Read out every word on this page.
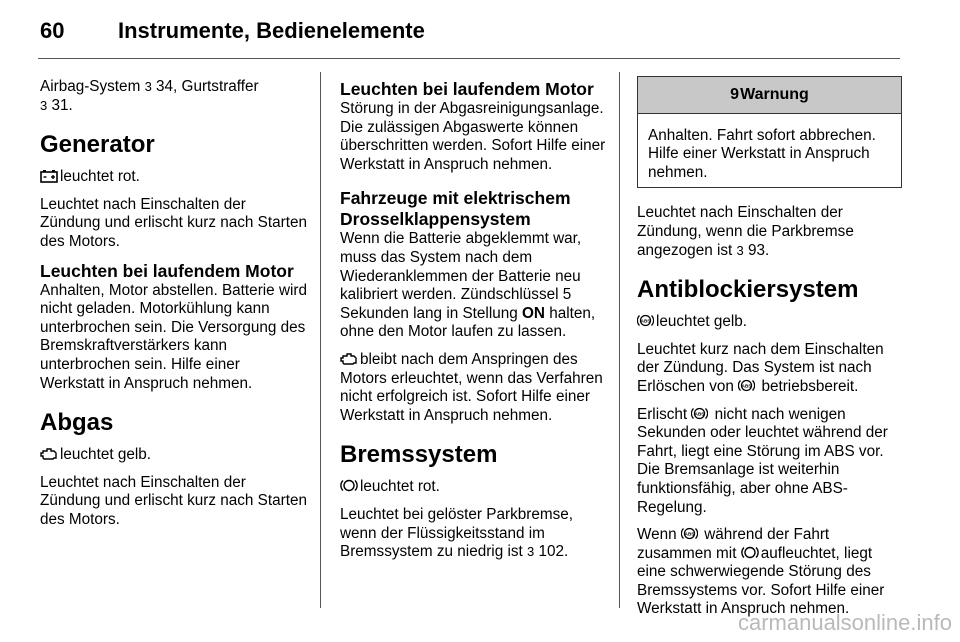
60	Instrumente, Bedienelemente

Airbag-System 3 34, Gurtstraffer
3 31.

Generator

leuchtet rot.

Leuchtet nach Einschalten der Zündung und erlischt kurz nach Starten des Motors.

Leuchten bei laufendem Motor

Anhalten, Motor abstellen. Batterie wird nicht geladen. Motorkühlung kann unterbrochen sein. Die Versorgung des Bremskraftverstärkers kann unterbrochen sein. Hilfe einer Werkstatt in Anspruch nehmen.

Abgas

leuchtet gelb.

Leuchtet nach Einschalten der Zündung und erlischt kurz nach Starten des Motors.

Leuchten bei laufendem Motor

Störung in der Abgasreinigungsanlage. Die zulässigen Abgaswerte können überschritten werden. Sofort Hilfe einer Werkstatt in Anspruch nehmen.

Fahrzeuge mit elektrischem Drosselklappensystem

Wenn die Batterie abgeklemmt war, muss das System nach dem Wiederanklemmen der Batterie neu kalibriert werden. Zündschlüssel 5 Sekunden lang in Stellung ON halten, ohne den Motor laufen zu lassen.

bleibt nach dem Anspringen des Motors erleuchtet, wenn das Verfahren nicht erfolgreich ist. Sofort Hilfe einer Werkstatt in Anspruch nehmen.

Bremssystem

leuchtet rot.

Leuchtet bei gelöster Parkbremse, wenn der Flüssigkeitsstand im Bremssystem zu niedrig ist 3 102.

9Warnung
Anhalten. Fahrt sofort abbrechen. Hilfe einer Werkstatt in Anspruch nehmen.

Leuchtet nach Einschalten der Zündung, wenn die Parkbremse angezogen ist 3 93.

Antiblockiersystem

ABS leuchtet gelb.

Leuchtet kurz nach dem Einschalten der Zündung. Das System ist nach Erlöschen von ABS betriebsbereit.

Erlischt ABS nicht nach wenigen Sekunden oder leuchtet während der Fahrt, liegt eine Störung im ABS vor. Die Bremsanlage ist weiterhin funktionsfähig, aber ohne ABS-Regelung.

Wenn ABS während der Fahrt zusammen mit aufleuchtet, liegt eine schwerwiegende Störung des Bremssystems vor. Sofort Hilfe einer Werkstatt in Anspruch nehmen.

carmanualsonline.info
